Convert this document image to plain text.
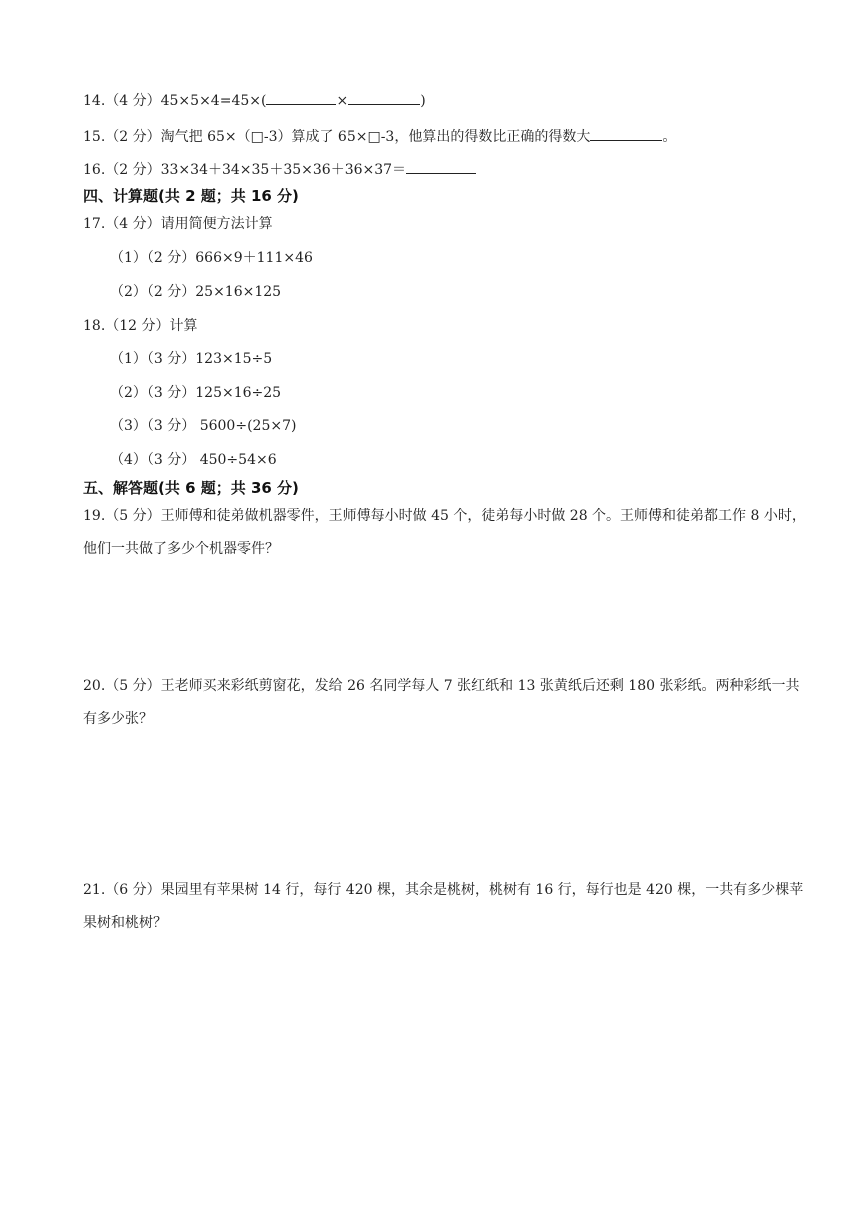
14.（4 分）45×5×4=45×(	×	)
15.（2 分）淘气把 65×（□-3）算成了 65×□-3，他算出的得数比正确的得数大	。
16.（2 分）33×34＋34×35＋35×36＋36×37＝
四、计算题(共 2 题；共 16 分)
17.（4 分）请用简便方法计算
（1）（2 分）666×9＋111×46
（2）（2 分）25×16×125
18.（12 分）计算
（1）（3 分）123×15÷5
（2）（3 分）125×16÷25
（3）（3 分） 5600÷(25×7)
（4）（3 分） 450÷54×6
五、解答题(共 6 题；共 36 分)
19.（5 分）王师傅和徒弟做机器零件，王师傅每小时做 45 个，徒弟每小时做 28 个。王师傅和徒弟都工作 8 小时，他们一共做了多少个机器零件？
20.（5 分）王老师买来彩纸剪窗花，发给 26 名同学每人 7 张红纸和 13 张黄纸后还剩 180 张彩纸。两种彩纸一共有多少张？
21.（6 分）果园里有苹果树 14 行，每行 420 棵，其余是桃树，桃树有 16 行，每行也是 420 棵，一共有多少棵苹果树和桃树？
